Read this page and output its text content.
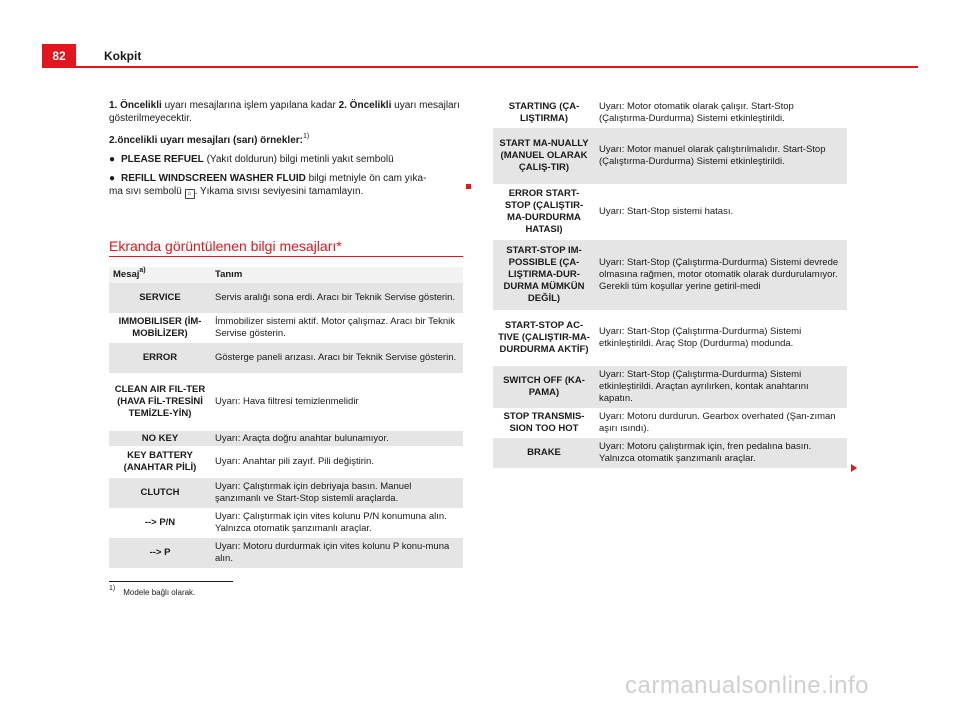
82	Kokpit
1. Öncelikli uyarı mesajlarına işlem yapılana kadar 2. Öncelikli uyarı mesajları gösterilmeyecektir.
2.öncelikli uyarı mesajları (sarı) örnekler:$^{1)}$
● PLEASE REFUEL (Yakıt doldurun) bilgi metinli yakıt sembolü
● REFILL WINDSCREEN WASHER FLUID bilgi metniyle ön cam yıka-
ma sıvı sembolü ⌂ . Yıkama sıvısı seviyesini tamamlayın.
Ekranda görüntülenen bilgi mesajları*
Mesaj$^{a)}$	Tanım
SERVICE	Servis aralığı sona erdi. Aracı bir Teknik Servise gösterin.
IMMOBILISER (İM-MOBİLİZER)	İmmobilizer sistemi aktif. Motor çalışmaz. Aracı bir Teknik Servise gösterin.
ERROR	Gösterge paneli arızası. Aracı bir Teknik Servise gösterin.
CLEAN AIR FIL-TER (HAVA FİL-TRESİNİ TEMİZLE-YİN)	Uyarı: Hava filtresi temizlenmelidir
NO KEY	Uyarı: Araçta doğru anahtar bulunamıyor.
KEY BATTERY (ANAHTAR PİLİ)	Uyarı: Anahtar pili zayıf. Pili değiştirin.
CLUTCH	Uyarı: Çalıştırmak için debriyaja basın. Manuel şanzımanlı ve Start-Stop sistemli araçlarda.
--> P/N	Uyarı: Çalıştırmak için vites kolunu P/N konumuna alın. Yalnızca otomatik şanzımanlı araçlar.
--> P	Uyarı: Motoru durdurmak için vites kolunu P konu-muna alın.
STARTING (ÇA-LIŞTIRMA)	Uyarı: Motor otomatik olarak çalışır. Start-Stop (Çalıştırma-Durdurma) Sistemi etkinleştirildi.
START MA-NUALLY (MANUEL OLARAK ÇALIŞ-TIR)	Uyarı: Motor manuel olarak çalıştırılmalıdır. Start-Stop (Çalıştırma-Durdurma) Sistemi etkinleştirildi.
ERROR START-STOP (ÇALIŞTIR-MA-DURDURMA HATASI)	Uyarı: Start-Stop sistemi hatası.
START-STOP IM-POSSIBLE (ÇA-LIŞTIRMA-DUR-DURMA MÜMKÜN DEĞİL)	Uyarı: Start-Stop (Çalıştırma-Durdurma) Sistemi devrede olmasına rağmen, motor otomatik olarak durdurulamıyor. Gerekli tüm koşullar yerine getiril-medi
START-STOP AC-TIVE (ÇALIŞTIR-MA-DURDURMA AKTİF)	Uyarı: Start-Stop (Çalıştırma-Durdurma) Sistemi etkinleştirildi. Araç Stop (Durdurma) modunda.
SWITCH OFF (KA-PAMA)	Uyarı: Start-Stop (Çalıştırma-Durdurma) Sistemi etkinleştirildi. Araçtan ayrılırken, kontak anahtarını kapatın.
STOP TRANSMIS-SION TOO HOT	Uyarı: Motoru durdurun. Gearbox overhated (Şan-zıman aşırı ısındı).
BRAKE	Uyarı: Motoru çalıştırmak için, fren pedalına basın. Yalnızca otomatik şanzımanlı araçlar.
$^{1)}$ Modele bağlı olarak.
carmanualsonline.info
